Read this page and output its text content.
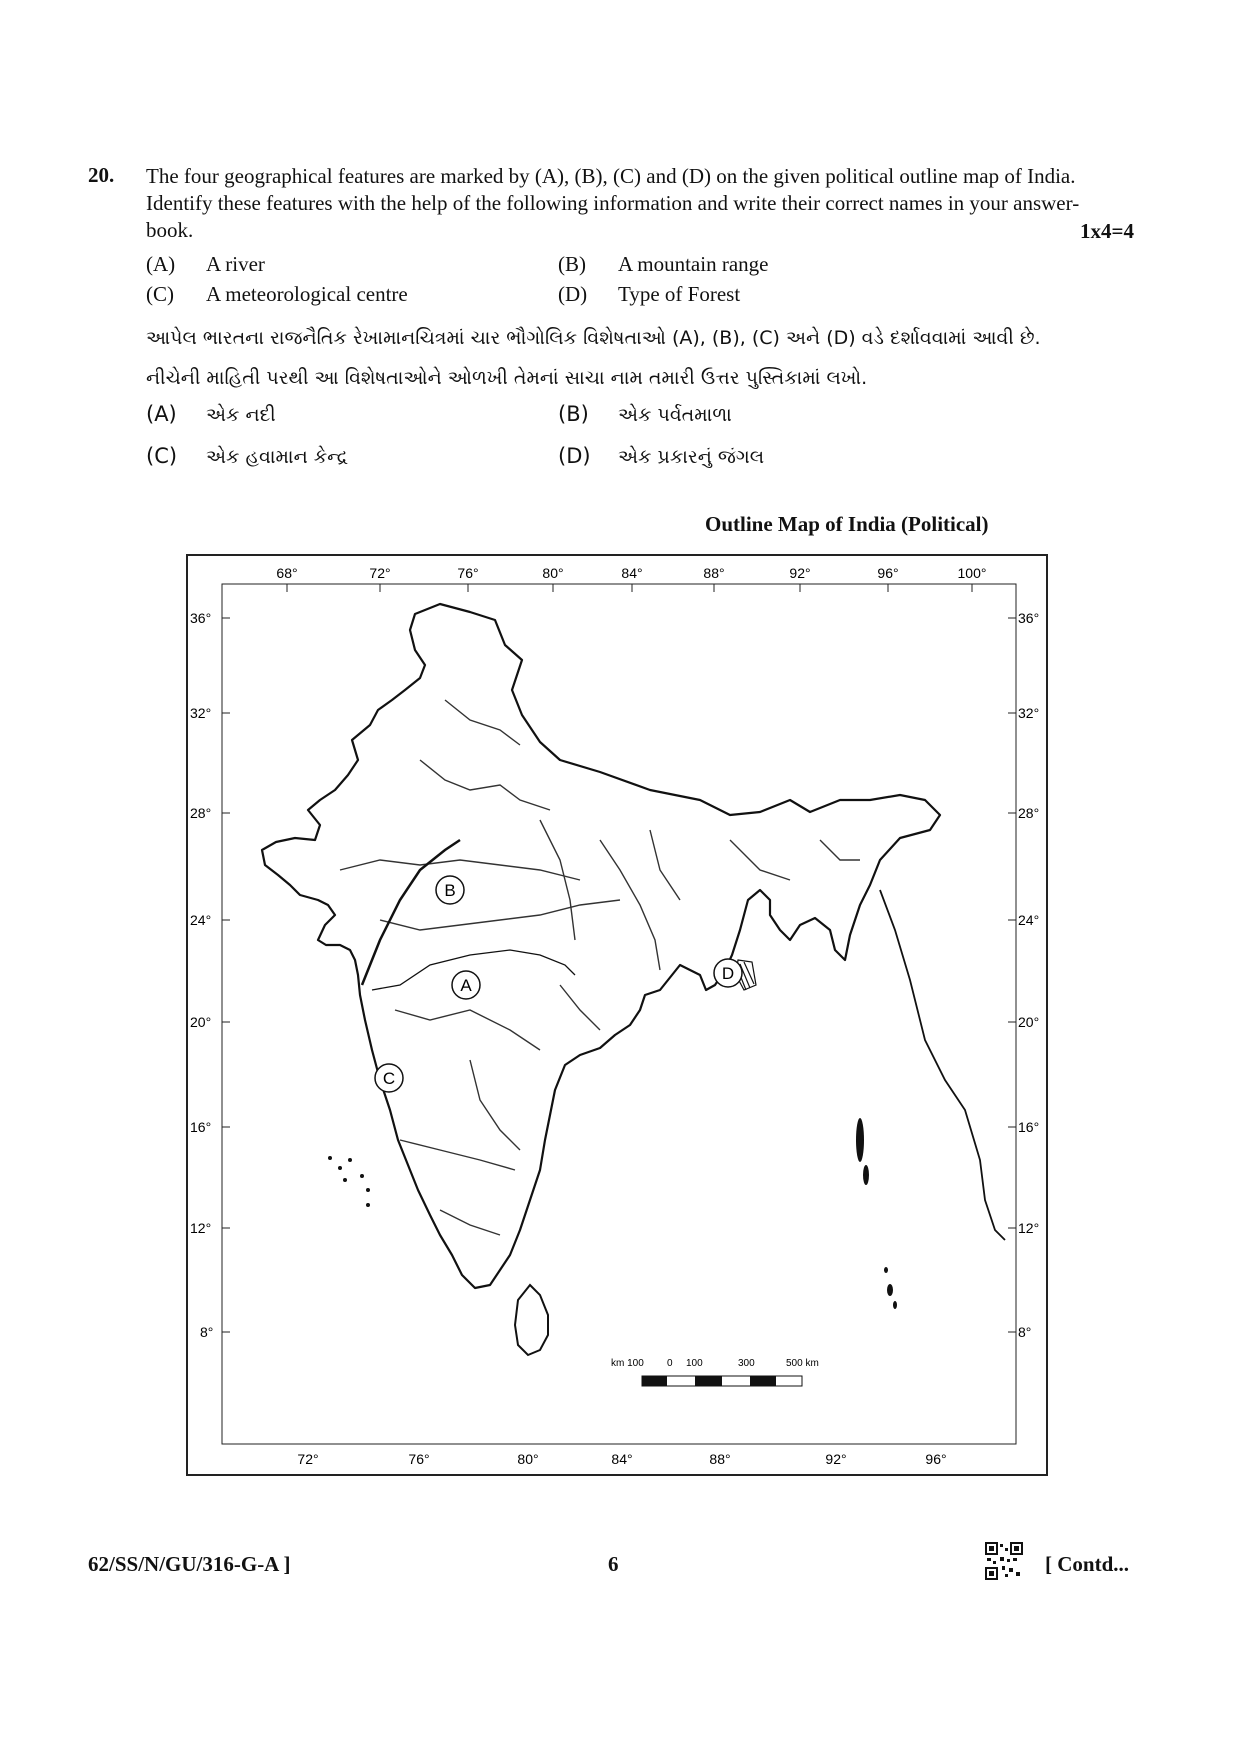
20. The four geographical features are marked by (A), (B), (C) and (D) on the given political outline map of India. Identify these features with the help of the following information and write their correct names in your answer-book.	1x4=4
(A) A river	(B) A mountain range
(C) A meteorological centre	(D) Type of Forest
આપેલ ભારતના રાજનૈતિક રેખામાનચિત્રમાં ચાર ભૌગોલિક વિશેષતાઓ (A), (B), (C) અને (D) વડે દર્શાવવામાં આવી છે. નીચેની માહિતી પરથી આ વિશેષતાઓને ઓળખી તેમનાં સાચા નામ તમારી ઉત્તર પુસ્તિકામાં લખો.
(A) એક નદી	(B) એક પર્વતમાળા
(C) એક હવામાન કેન્દ્ર	(D) એક પ્રકારનું જંગલ
Outline Map of India (Political)
68°	72°	76°	80°	84°	88°	92°	96°	100°
72°	76°	80°	84°	88°	92°	96°
36°
32°
28°
24°
20°
16°
12°
8°
36°
32°
28°
24°
20°
16°
12°
8°
A
B
C
D
km 100 0 100	300	500 km
62/SS/N/GU/316-G-A ]	6	[ Contd...
